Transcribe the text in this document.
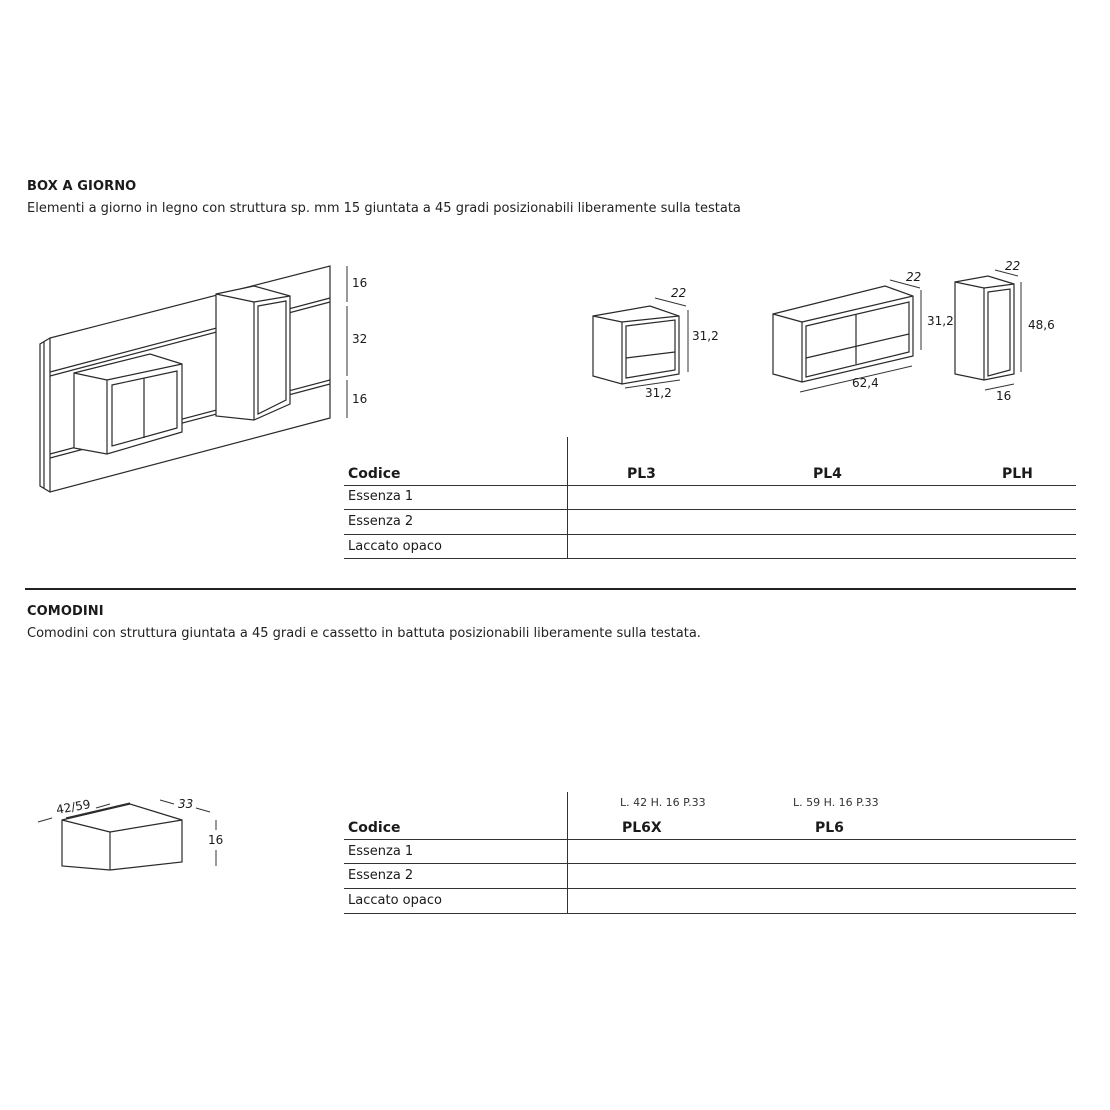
BOX A GIORNO
Elementi a giorno in legno con struttura sp. mm 15 giuntata a 45 gradi posizionabili liberamente sulla testata
16
32
16
22
31,2
31,2
22
31,2
62,4
22
48,6
16
Codice	PL3	PL4	PLH
Essenza 1
Essenza 2
Laccato opaco
COMODINI
Comodini con struttura giuntata a 45 gradi e cassetto in battuta posizionabili liberamente sulla testata.
42/59	33
16
L. 42 H. 16 P.33	L. 59 H. 16 P.33
Codice	PL6X	PL6
Essenza 1
Essenza 2
Laccato opaco
